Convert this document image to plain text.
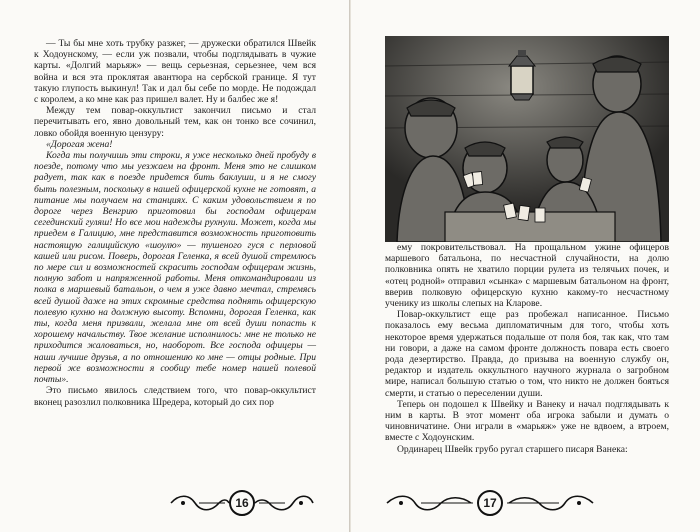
— Ты бы мне хоть трубку разжег, — дружески обратился Швейк к Ходоунскому, — если уж позвали, чтобы подглядывать в чужие карты. «Долгий марьяж» — вещь серьезная, серьезнее, чем вся война и вся эта проклятая авантюра на сербской границе. Я тут такую глупость выкинул! Так и дал бы себе по морде. Не подождал с королем, а ко мне как раз пришел валет. Ну и балбес же я!

Между тем повар-оккультист закончил письмо и стал перечитывать его, явно довольный тем, как он тонко все сочинил, ловко обойдя военную цензуру:

«Дорогая жена!

Когда ты получишь эти строки, я уже несколько дней пробуду в поезде, потому что мы уезжаем на фронт. Меня это не слишком радует, так как в поезде придется бить баклуши, и я не смогу быть полезным, поскольку в нашей офицерской кухне не готовят, а питание мы получаем на станциях. С каким удовольствием я по дороге через Венгрию приготовил бы господам офицерам сегединский гуляш! Но все мои надежды рухнули. Может, когда мы приедем в Галицию, мне представится возможность приготовить настоящую галицийскую «шоулю» — тушеного гуся с перловой кашей или рисом. Поверь, дорогая Геленка, я всей душой стремлюсь по мере сил и возможностей скрасить господам офицерам жизнь, полную забот и напряженной работы. Меня откомандировали из полка в маршевый батальон, о чем я уже давно мечтал, стремясь всей душой даже на этих скромные средства поднять офицерскую полевую кухню на должную высоту. Вспомни, дорогая Геленка, как ты, когда меня призвали, желала мне от всей души попасть к хорошему начальству. Твое желание исполнилось: мне не только не приходится жаловаться, но, наоборот. Все господа офицеры — наши лучшие друзья, а по отношению ко мне — отцы родные. При первой же возможности я сообщу тебе номер нашей полевой почты».

Это письмо явилось следствием того, что повар-оккультист вконец разозлил полковника Шредера, который до сих пор

16

ему покровительствовал. На прощальном ужине офицеров маршевого батальона, по несчастной случайности, на долю полковника опять не хватило порции рулета из телячьих почек, и «отец родной» отправил «сынка» с маршевым батальоном на фронт, вверив полковую офицерскую кухню какому-то несчастному ученику из школы слепых на Кларове.

Повар-оккультист еще раз пробежал написанное. Письмо показалось ему весьма дипломатичным для того, чтобы хоть некоторое время удержаться подальше от поля боя, так как, что там ни говори, а даже на самом фронте должность повара есть своего рода дезертирство. Правда, до призыва на военную службу он, редактор и издатель оккультного научного журнала о загробном мире, написал большую статью о том, что никто не должен бояться смерти, и статью о переселении души.

Теперь он подошел к Швейку и Ванеку и начал подглядывать к ним в карты. В этот момент оба игрока забыли и думать о чиновничатине. Они играли в «марьяж» уже не вдвоем, а втроем, вместе с Ходоунским.

Ординарец Швейк грубо ругал старшего писаря Ванека:

17
